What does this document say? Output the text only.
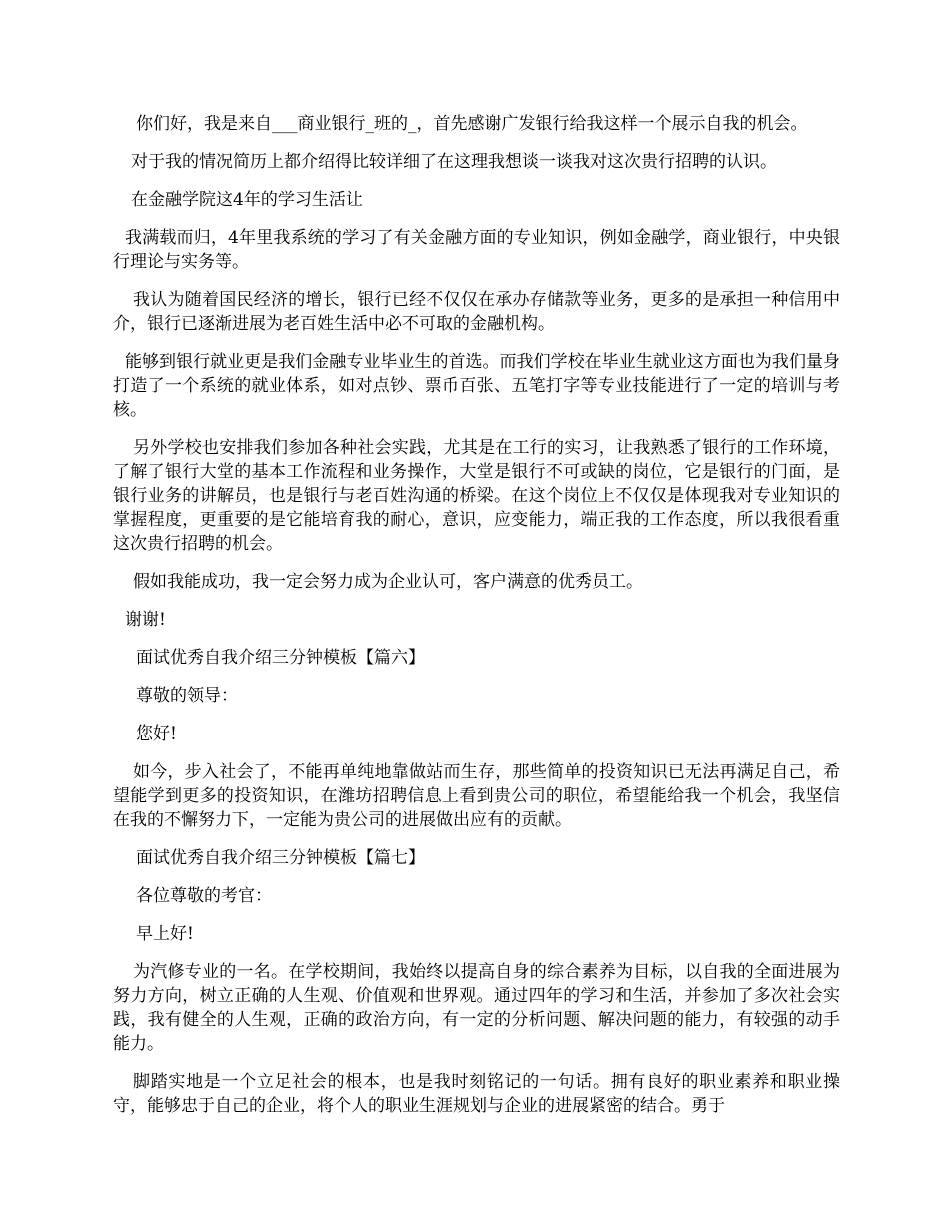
你们好，我是来自___商业银行_班的_，首先感谢广发银行给我这样一个展示自我的机会。

对于我的情况简历上都介绍得比较详细了在这理我想谈一谈我对这次贵行招聘的认识。

在金融学院这4年的学习生活让

我满载而归，4年里我系统的学习了有关金融方面的专业知识，例如金融学，商业银行，中央银行理论与实务等。

我认为随着国民经济的增长，银行已经不仅仅在承办存储款等业务，更多的是承担一种信用中介，银行已逐渐进展为老百姓生活中必不可取的金融机构。

能够到银行就业更是我们金融专业毕业生的首选。而我们学校在毕业生就业这方面也为我们量身打造了一个系统的就业体系，如对点钞、票币百张、五笔打字等专业技能进行了一定的培训与考核。

另外学校也安排我们参加各种社会实践，尤其是在工行的实习，让我熟悉了银行的工作环境，了解了银行大堂的基本工作流程和业务操作，大堂是银行不可或缺的岗位，它是银行的门面，是银行业务的讲解员，也是银行与老百姓沟通的桥梁。在这个岗位上不仅仅是体现我对专业知识的掌握程度，更重要的是它能培育我的耐心，意识，应变能力，端正我的工作态度，所以我很看重这次贵行招聘的机会。

假如我能成功，我一定会努力成为企业认可，客户满意的优秀员工。

谢谢!

面试优秀自我介绍三分钟模板【篇六】

尊敬的领导：

您好!

如今，步入社会了，不能再单纯地靠做站而生存，那些简单的投资知识已无法再满足自己，希望能学到更多的投资知识，在潍坊招聘信息上看到贵公司的职位，希望能给我一个机会，我坚信在我的不懈努力下，一定能为贵公司的进展做出应有的贡献。

面试优秀自我介绍三分钟模板【篇七】

各位尊敬的考官：

早上好!

为汽修专业的一名。在学校期间，我始终以提高自身的综合素养为目标，以自我的全面进展为努力方向，树立正确的人生观、价值观和世界观。通过四年的学习和生活，并参加了多次社会实践，我有健全的人生观，正确的政治方向，有一定的分析问题、解决问题的能力，有较强的动手能力。

脚踏实地是一个立足社会的根本，也是我时刻铭记的一句话。拥有良好的职业素养和职业操守，能够忠于自己的企业，将个人的职业生涯规划与企业的进展紧密的结合。勇于
